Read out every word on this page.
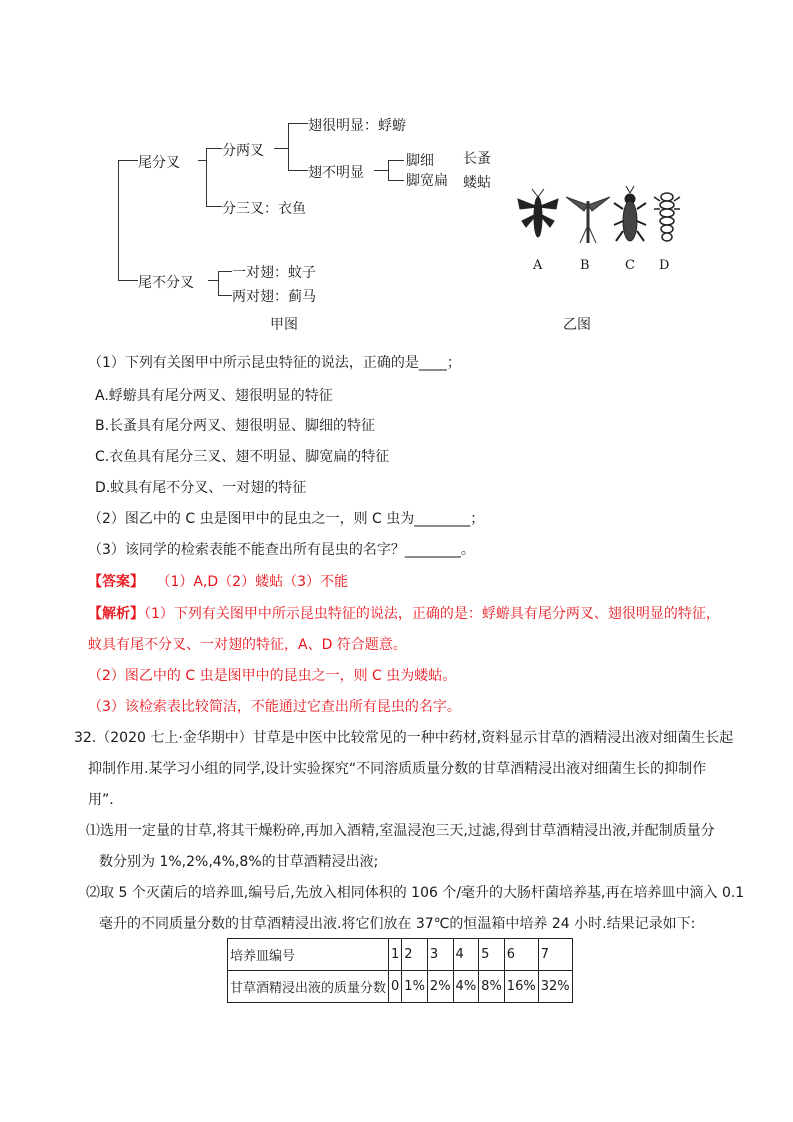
尾分叉
尾不分叉
分两叉
分三叉：衣鱼
翅很明显：蜉蝣
翅不明显
脚细
脚宽扁
长蚤
蝼蛄
一对翅：蚊子
两对翅：蓟马
甲图	乙图
A	B	C D
（1）下列有关图甲中所示昆虫特征的说法，正确的是____；
A.蜉蝣具有尾分两叉、翅很明显的特征
B.长蚤具有尾分两叉、翅很明显、脚细的特征
C.衣鱼具有尾分三叉、翅不明显、脚宽扁的特征
D.蚊具有尾不分叉、一对翅的特征
（2）图乙中的 C 虫是图甲中的昆虫之一，则 C 虫为________；
（3）该同学的检索表能不能查出所有昆虫的名字？________。
【答案】 （1）A,D（2）蝼蛄（3）不能
【解析】（1）下列有关图甲中所示昆虫特征的说法，正确的是：蜉蝣具有尾分两叉、翅很明显的特征，
蚊具有尾不分叉、一对翅的特征，A、D 符合题意。
（2）图乙中的 C 虫是图甲中的昆虫之一，则 C 虫为蝼蛄。
（3）该检索表比较简洁，不能通过它查出所有昆虫的名字。
32.（2020 七上·金华期中）甘草是中医中比较常见的一种中药材,资料显示甘草的酒精浸出液对细菌生长起
抑制作用.某学习小组的同学,设计实验探究“不同溶质质量分数的甘草酒精浸出液对细菌生长的抑制作
用”.
⑴选用一定量的甘草,将其干燥粉碎,再加入酒精,室温浸泡三天,过滤,得到甘草酒精浸出液,并配制质量分
数分别为 1%,2%,4%,8%的甘草酒精浸出液;
⑵取 5 个灭菌后的培养皿,编号后,先放入相同体积的 106 个/毫升的大肠杆菌培养基,再在培养皿中滴入 0.1
毫升的不同质量分数的甘草酒精浸出液.将它们放在 37℃的恒温箱中培养 24 小时.结果记录如下:
培养皿编号	1	2	3	4	5	6	7
甘草酒精浸出液的质量分数	0	1%	2%	4%	8%	16%	32%
